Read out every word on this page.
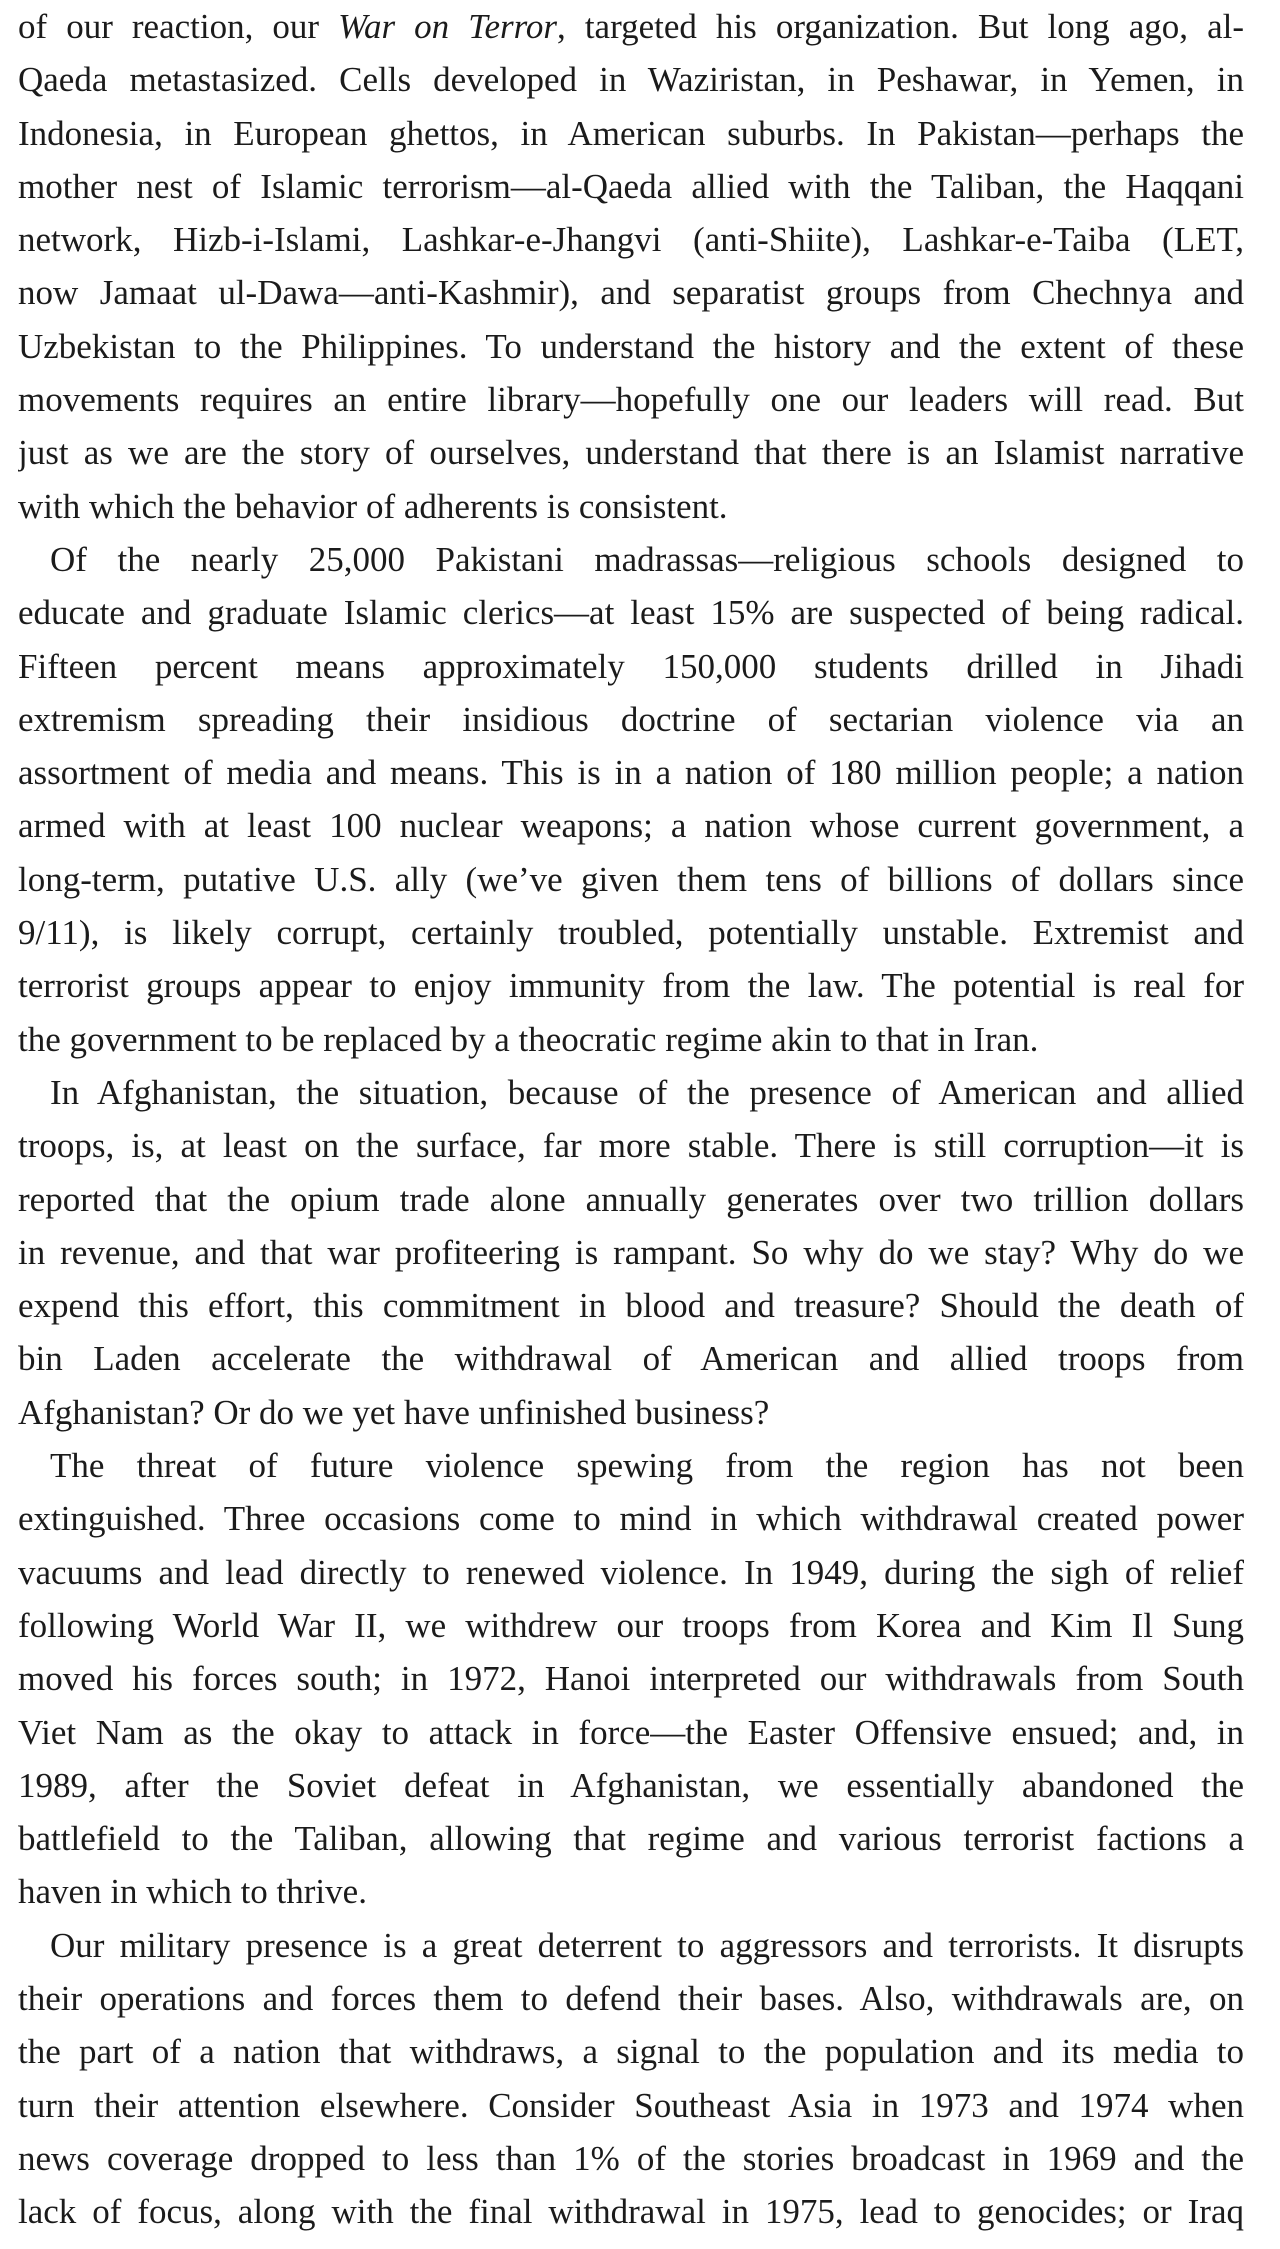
of our reaction, our War on Terror, targeted his organization. But long ago, al-
Qaeda metastasized. Cells developed in Waziristan, in Peshawar, in Yemen, in
Indonesia, in European ghettos, in American suburbs. In Pakistan—perhaps the
mother nest of Islamic terrorism—al-Qaeda allied with the Taliban, the Haqqani
network, Hizb-i-Islami, Lashkar-e-Jhangvi (anti-Shiite), Lashkar-e-Taiba (LET,
now Jamaat ul-Dawa—anti-Kashmir), and separatist groups from Chechnya and
Uzbekistan to the Philippines. To understand the history and the extent of these
movements requires an entire library—hopefully one our leaders will read. But
just as we are the story of ourselves, understand that there is an Islamist narrative
with which the behavior of adherents is consistent.
Of the nearly 25,000 Pakistani madrassas—religious schools designed to
educate and graduate Islamic clerics—at least 15% are suspected of being radical.
Fifteen percent means approximately 150,000 students drilled in Jihadi
extremism spreading their insidious doctrine of sectarian violence via an
assortment of media and means. This is in a nation of 180 million people; a nation
armed with at least 100 nuclear weapons; a nation whose current government, a
long-term, putative U.S. ally (we’ve given them tens of billions of dollars since
9/11), is likely corrupt, certainly troubled, potentially unstable. Extremist and
terrorist groups appear to enjoy immunity from the law. The potential is real for
the government to be replaced by a theocratic regime akin to that in Iran.
In Afghanistan, the situation, because of the presence of American and allied
troops, is, at least on the surface, far more stable. There is still corruption—it is
reported that the opium trade alone annually generates over two trillion dollars
in revenue, and that war profiteering is rampant. So why do we stay? Why do we
expend this effort, this commitment in blood and treasure? Should the death of
bin Laden accelerate the withdrawal of American and allied troops from
Afghanistan? Or do we yet have unfinished business?
The threat of future violence spewing from the region has not been
extinguished. Three occasions come to mind in which withdrawal created power
vacuums and lead directly to renewed violence. In 1949, during the sigh of relief
following World War II, we withdrew our troops from Korea and Kim Il Sung
moved his forces south; in 1972, Hanoi interpreted our withdrawals from South
Viet Nam as the okay to attack in force—the Easter Offensive ensued; and, in
1989, after the Soviet defeat in Afghanistan, we essentially abandoned the
battlefield to the Taliban, allowing that regime and various terrorist factions a
haven in which to thrive.
Our military presence is a great deterrent to aggressors and terrorists. It disrupts
their operations and forces them to defend their bases. Also, withdrawals are, on
the part of a nation that withdraws, a signal to the population and its media to
turn their attention elsewhere. Consider Southeast Asia in 1973 and 1974 when
news coverage dropped to less than 1% of the stories broadcast in 1969 and the
lack of focus, along with the final withdrawal in 1975, lead to genocides; or Iraq
